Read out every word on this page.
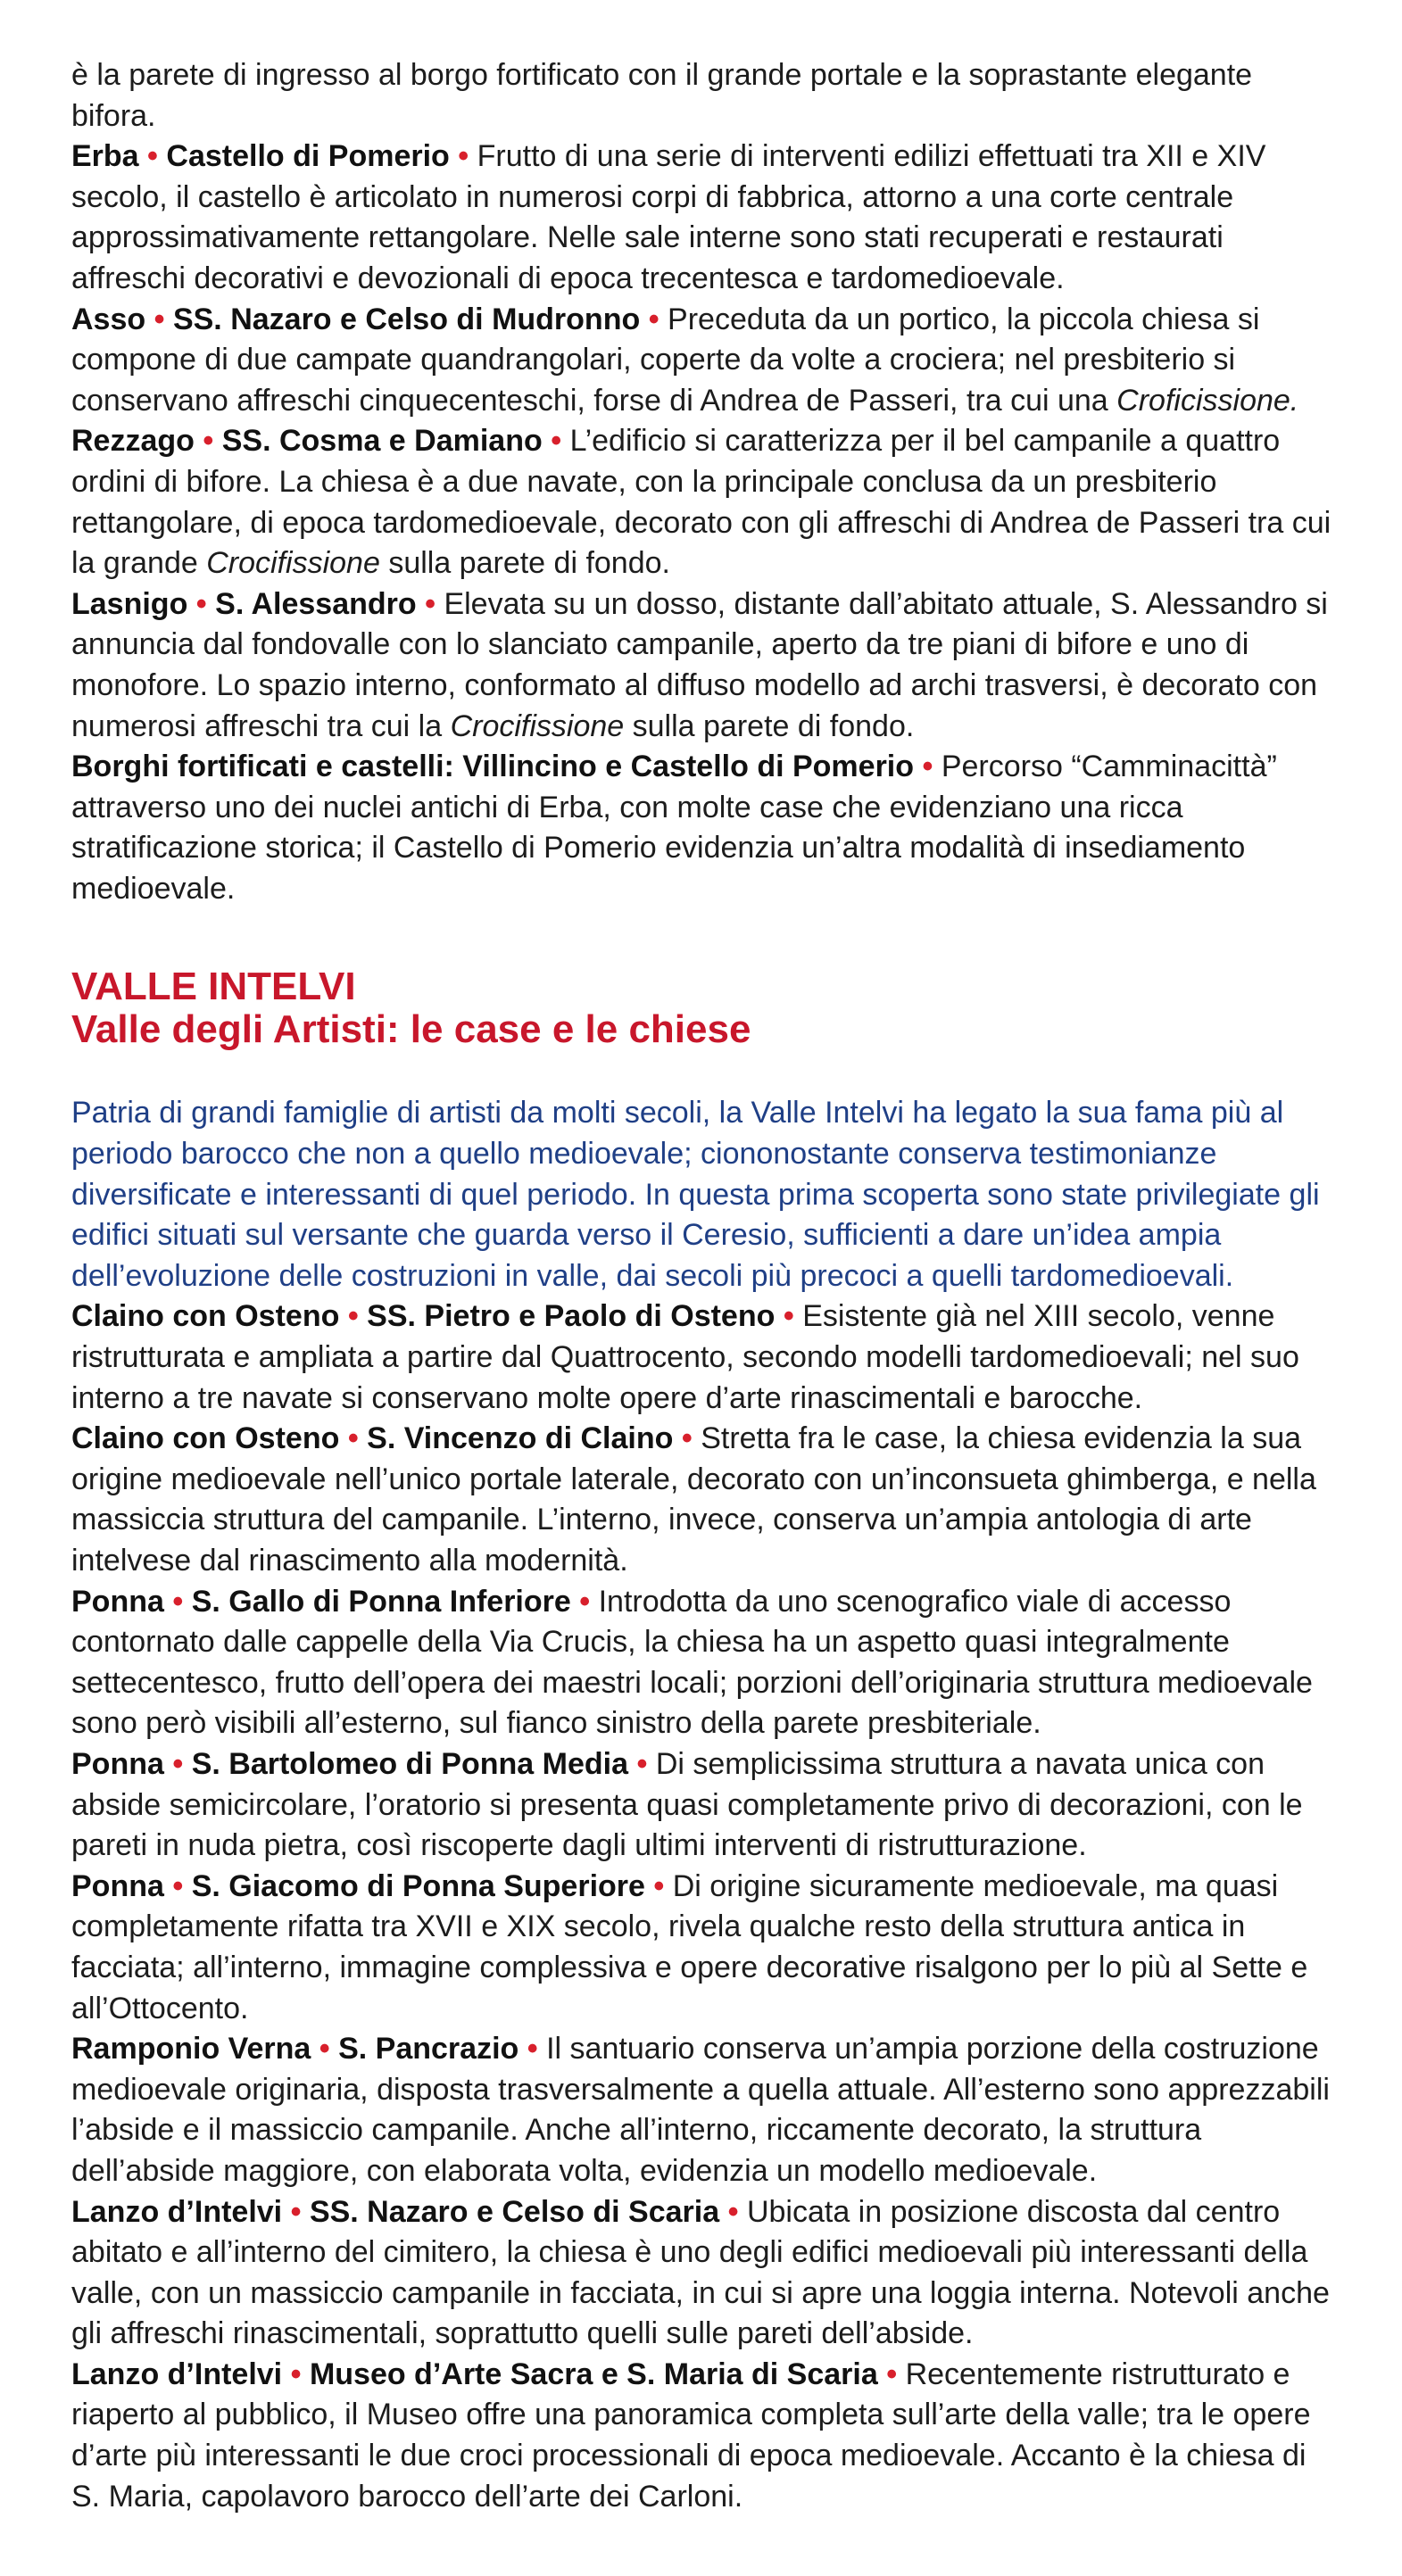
è la parete di ingresso al borgo fortificato con il grande portale e la soprastante elegante bifora.

Erba • Castello di Pomerio • Frutto di una serie di interventi edilizi effettuati tra XII e XIV secolo, il castello è articolato in numerosi corpi di fabbrica, attorno a una corte centrale approssimativamente rettangolare. Nelle sale interne sono stati recuperati e restaurati affreschi decorativi e devozionali di epoca trecentesca e tardomedioevale.

Asso • SS. Nazaro e Celso di Mudronno • Preceduta da un portico, la piccola chiesa si compone di due campate quandrangolari, coperte da volte a crociera; nel presbiterio si conservano affreschi cinquecenteschi, forse di Andrea de Passeri, tra cui una Croficissione.

Rezzago • SS. Cosma e Damiano • L’edificio si caratterizza per il bel campanile a quattro ordini di bifore. La chiesa è a due navate, con la principale conclusa da un presbiterio rettangolare, di epoca tardomedioevale, decorato con gli affreschi di Andrea de Passeri tra cui la grande Crocifissione sulla parete di fondo.

Lasnigo • S. Alessandro • Elevata su un dosso, distante dall’abitato attuale, S. Alessandro si annuncia dal fondovalle con lo slanciato campanile, aperto da tre piani di bifore e uno di monofore. Lo spazio interno, conformato al diffuso modello ad archi trasversi, è decorato con numerosi affreschi tra cui la Crocifissione sulla parete di fondo.

Borghi fortificati e castelli: Villincino e Castello di Pomerio • Percorso “Camminacittà” attraverso uno dei nuclei antichi di Erba, con molte case che evidenziano una ricca stratificazione storica; il Castello di Pomerio evidenzia un’altra modalità di insediamento medioevale.

VALLE INTELVI
Valle degli Artisti: le case e le chiese

Patria di grandi famiglie di artisti da molti secoli, la Valle Intelvi ha legato la sua fama più al periodo barocco che non a quello medioevale; ciononostante conserva testimonianze diversificate e interessanti di quel periodo. In questa prima scoperta sono state privilegiate gli edifici situati sul versante che guarda verso il Ceresio, sufficienti a dare un’idea ampia dell’evoluzione delle costruzioni in valle, dai secoli più precoci a quelli tardomedioevali.

Claino con Osteno • SS. Pietro e Paolo di Osteno • Esistente già nel XIII secolo, venne ristrutturata e ampliata a partire dal Quattrocento, secondo modelli tardomedioevali; nel suo interno a tre navate si conservano molte opere d’arte rinascimentali e barocche.

Claino con Osteno • S. Vincenzo di Claino • Stretta fra le case, la chiesa evidenzia la sua origine medioevale nell’unico portale laterale, decorato con un’inconsueta ghimberga, e nella massiccia struttura del campanile. L’interno, invece, conserva un’ampia antologia di arte intelvese dal rinascimento alla modernità.

Ponna • S. Gallo di Ponna Inferiore • Introdotta da uno scenografico viale di accesso contornato dalle cappelle della Via Crucis, la chiesa ha un aspetto quasi integralmente settecentesco, frutto dell’opera dei maestri locali; porzioni dell’originaria struttura medioevale sono però visibili all’esterno, sul fianco sinistro della parete presbiteriale.

Ponna • S. Bartolomeo di Ponna Media • Di semplicissima struttura a navata unica con abside semicircolare, l’oratorio si presenta quasi completamente privo di decorazioni, con le pareti in nuda pietra, così riscoperte dagli ultimi interventi di ristrutturazione.

Ponna • S. Giacomo di Ponna Superiore • Di origine sicuramente medioevale, ma quasi completamente rifatta tra XVII e XIX secolo, rivela qualche resto della struttura antica in facciata; all’interno, immagine complessiva e opere decorative risalgono per lo più al Sette e all’Ottocento.

Ramponio Verna • S. Pancrazio • Il santuario conserva un’ampia porzione della costruzione medioevale originaria, disposta trasversalmente a quella attuale. All’esterno sono apprezzabili l’abside e il massiccio campanile. Anche all’interno, riccamente decorato, la struttura dell’abside maggiore, con elaborata volta, evidenzia un modello medioevale.

Lanzo d’Intelvi • SS. Nazaro e Celso di Scaria • Ubicata in posizione discosta dal centro abitato e all’interno del cimitero, la chiesa è uno degli edifici medioevali più interessanti della valle, con un massiccio campanile in facciata, in cui si apre una loggia interna. Notevoli anche gli affreschi rinascimentali, soprattutto quelli sulle pareti dell’abside.

Lanzo d’Intelvi • Museo d’Arte Sacra e S. Maria di Scaria • Recentemente ristrutturato e riaperto al pubblico, il Museo offre una panoramica completa sull’arte della valle; tra le opere d’arte più interessanti le due croci processionali di epoca medioevale. Accanto è la chiesa di S. Maria, capolavoro barocco dell’arte dei Carloni.
